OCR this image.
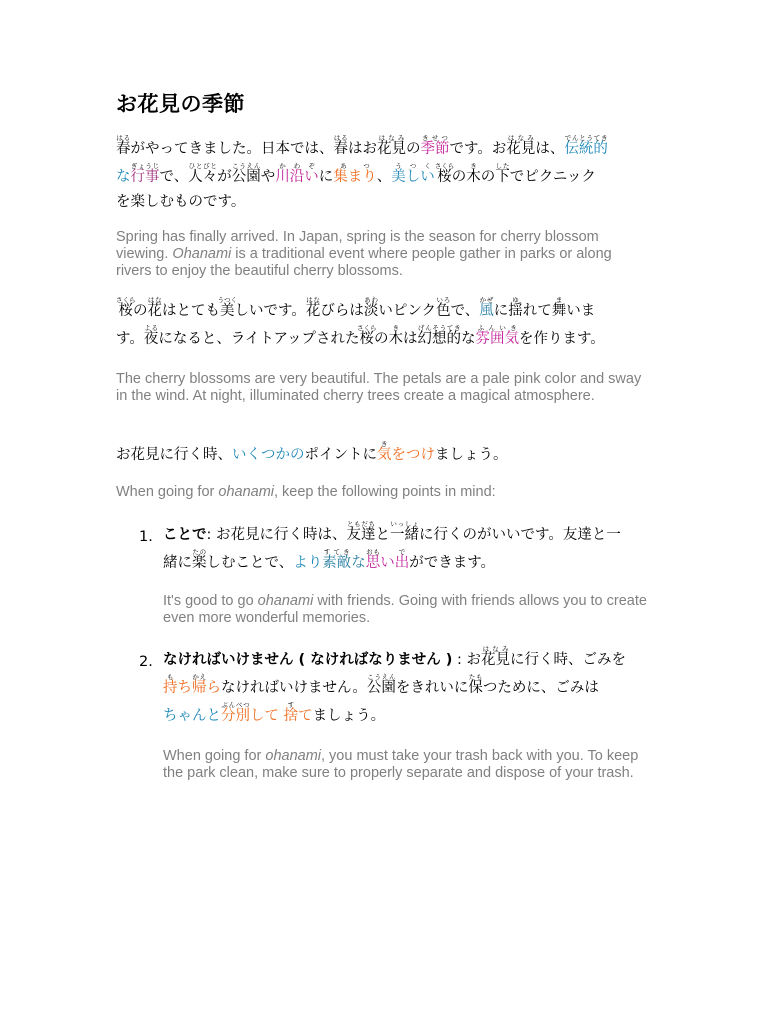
お花見の季節
春はるがやってきました。日本では、春はるはお花見はなみの季節きせつです。お花見はなみは、伝統的でんとうてき
な行事ぎょうじで、人々ひとびとが公園こうえんや川沿いかわぞに集まりあつ、美しいうつく桜さくらの木きの下したでピクニック
を楽しむものです。
Spring has finally arrived. In Japan, spring is the season for cherry blossom viewing. Ohanami is a traditional event where people gather in parks or along rivers to enjoy the beautiful cherry blossoms.
桜さくらの花はなはとても美うつくしいです。花はなびらは淡あわいピンク色いろで、風かぜに揺ゆれて舞まいま
す。夜よるになると、ライトアップされた桜さくらの木きは幻想的げんそうてきな雰囲気ふんいきを作ります。
The cherry blossoms are very beautiful. The petals are a pale pink color and sway in the wind. At night, illuminated cherry trees create a magical atmosphere.
お花見に行く時、いくつかのポイントに気きをつけましょう。
When going for ohanami, keep the following points in mind:
1. ことで: お花見に行く時は、友達ともだちと一緒いっしょに行くのがいいです。友達と一
緒に楽たのしむことで、より素敵すてきな思おもい出でができます。
It's good to go ohanami with friends. Going with friends allows you to create even more wonderful memories.
2. なければいけません ( なければなりません ) : お花見はなみに行く時、ごみを
持もち帰かえらなければいけません。公園こうえんをきれいに保たもつために、ごみは
ちゃんと分別ぶんべつして 捨すてましょう。
When going for ohanami, you must take your trash back with you. To keep the park clean, make sure to properly separate and dispose of your trash.
